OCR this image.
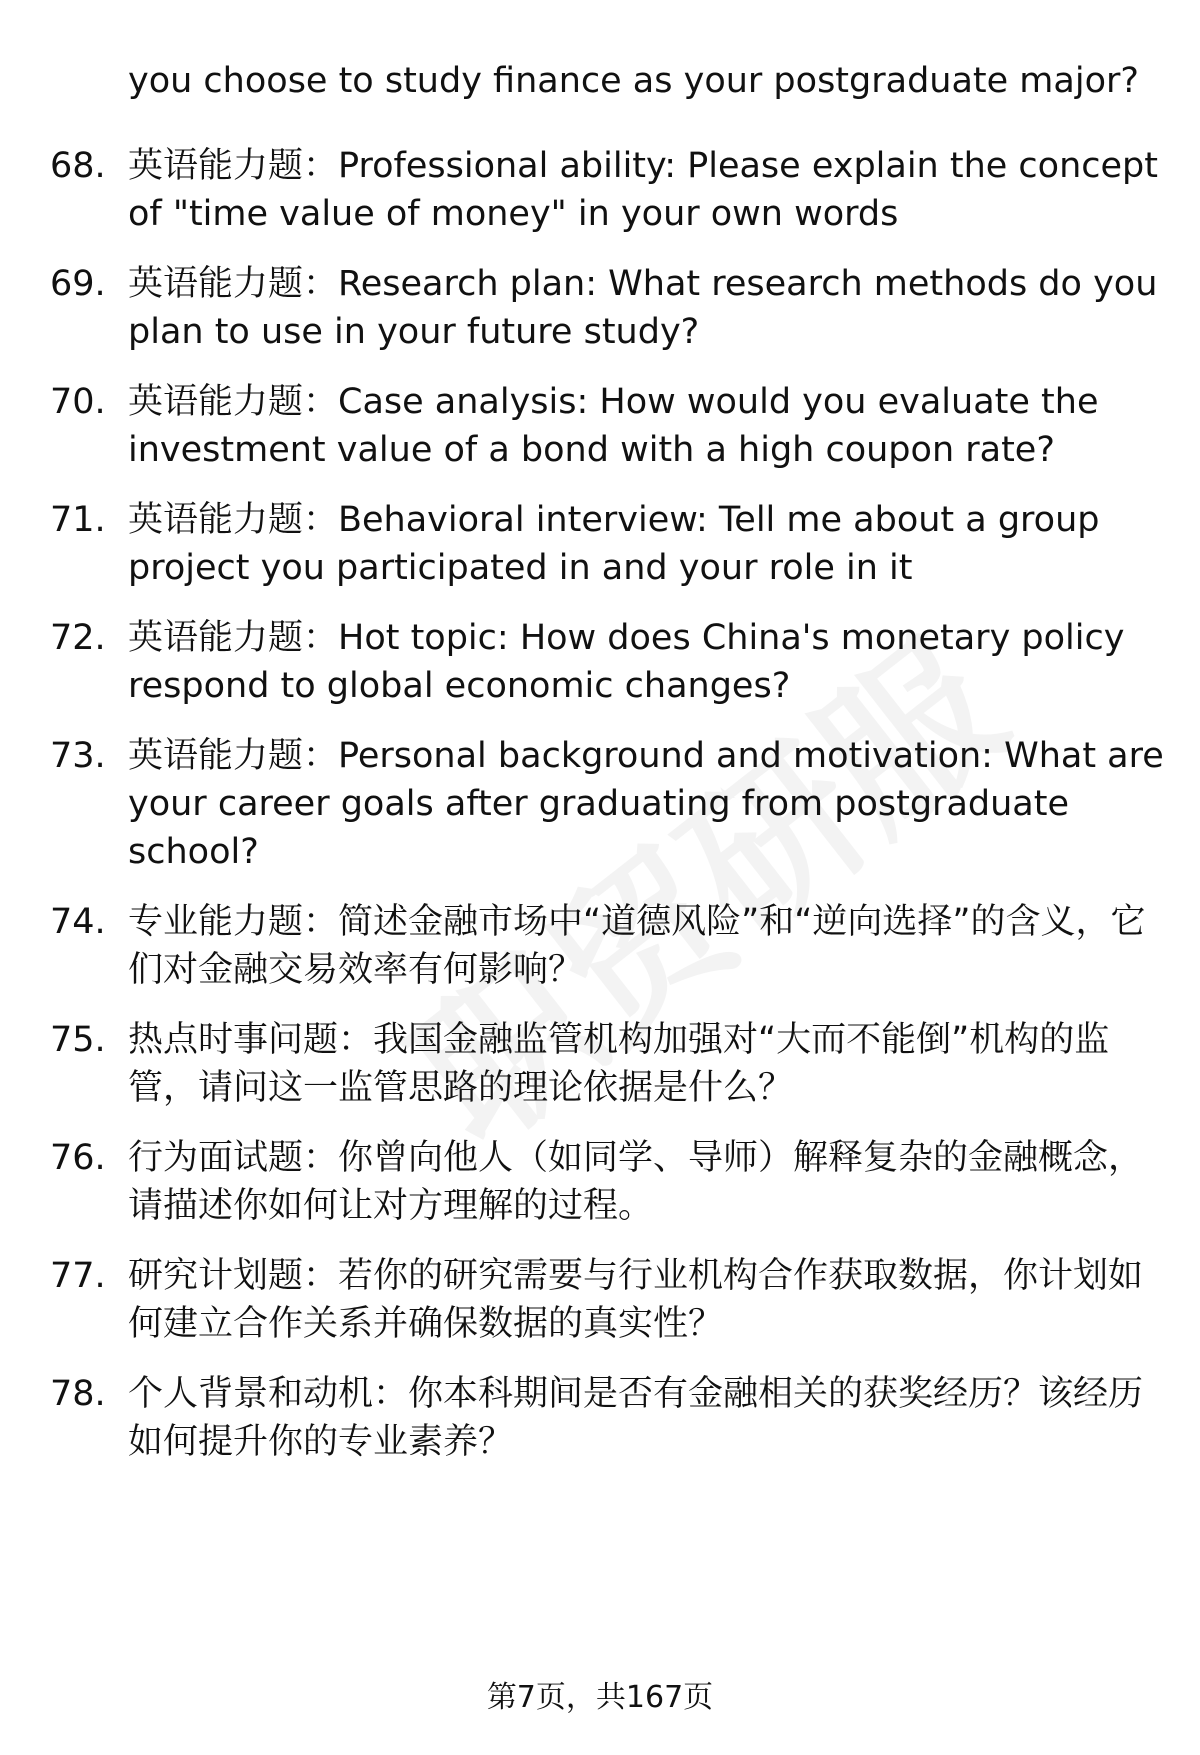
you choose to study finance as your postgraduate major?
68. 英语能力题：Professional ability: Please explain the concept of "time value of money" in your own words
69. 英语能力题：Research plan: What research methods do you plan to use in your future study?
70. 英语能力题：Case analysis: How would you evaluate the investment value of a bond with a high coupon rate?
71. 英语能力题：Behavioral interview: Tell me about a group project you participated in and your role in it
72. 英语能力题：Hot topic: How does China's monetary policy respond to global economic changes?
73. 英语能力题：Personal background and motivation: What are your career goals after graduating from postgraduate school?
74. 专业能力题：简述金融市场中“道德风险”和“逆向选择”的含义，它们对金融交易效率有何影响？
75. 热点时事问题：我国金融监管机构加强对“大而不能倒”机构的监管，请问这一监管思路的理论依据是什么？
76. 行为面试题：你曾向他人（如同学、导师）解释复杂的金融概念，请描述你如何让对方理解的过程。
77. 研究计划题：若你的研究需要与行业机构合作获取数据，你计划如何建立合作关系并确保数据的真实性？
78. 个人背景和动机：你本科期间是否有金融相关的获奖经历？该经历如何提升你的专业素养？
第7页，共167页
